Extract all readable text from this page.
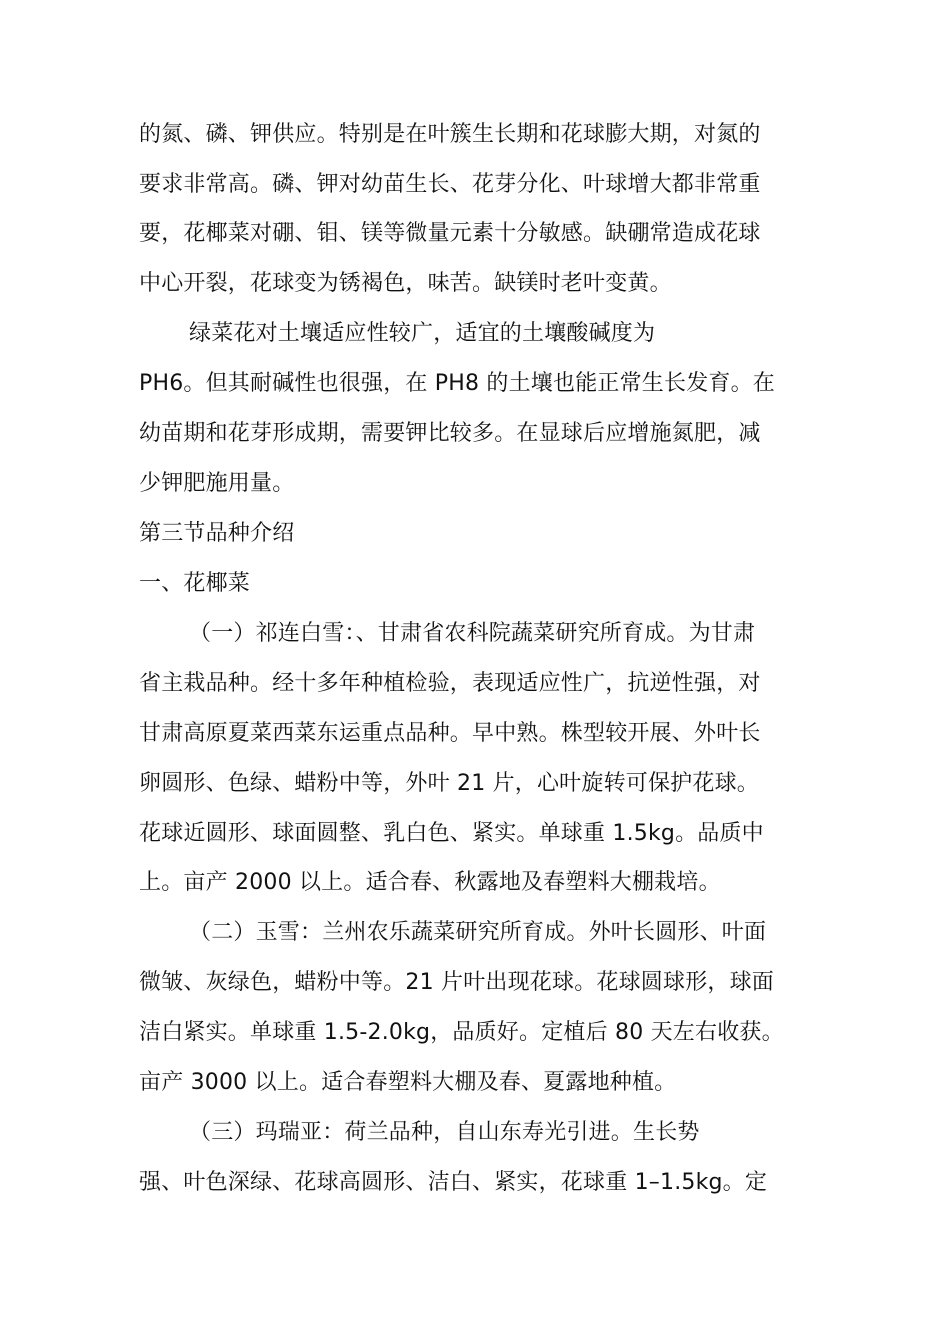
的氮、磷、钾供应。特别是在叶簇生长期和花球膨大期，对氮的
要求非常高。磷、钾对幼苗生长、花芽分化、叶球增大都非常重
要，花椰菜对硼、钼、镁等微量元素十分敏感。缺硼常造成花球
中心开裂，花球变为锈褐色，味苦。缺镁时老叶变黄。
绿菜花对土壤适应性较广，适宜的土壤酸碱度为
PH6。但其耐碱性也很强，在 PH8 的土壤也能正常生长发育。在
幼苗期和花芽形成期，需要钾比较多。在显球后应增施氮肥，减
少钾肥施用量。
第三节品种介绍
一、花椰菜
（一）祁连白雪：、甘肃省农科院蔬菜研究所育成。为甘肃
省主栽品种。经十多年种植检验，表现适应性广，抗逆性强，对
甘肃高原夏菜西菜东运重点品种。早中熟。株型较开展、外叶长
卵圆形、色绿、蜡粉中等，外叶 21 片，心叶旋转可保护花球。
花球近圆形、球面圆整、乳白色、紧实。单球重 1.5kg。品质中
上。亩产 2000 以上。适合春、秋露地及春塑料大棚栽培。
（二）玉雪：兰州农乐蔬菜研究所育成。外叶长圆形、叶面
微皱、灰绿色，蜡粉中等。21 片叶出现花球。花球圆球形，球面
洁白紧实。单球重 1.5-2.0kg，品质好。定植后 80 天左右收获。
亩产 3000 以上。适合春塑料大棚及春、夏露地种植。
（三）玛瑞亚：荷兰品种，自山东寿光引进。生长势
强、叶色深绿、花球高圆形、洁白、紧实，花球重 1–1.5kg。定
